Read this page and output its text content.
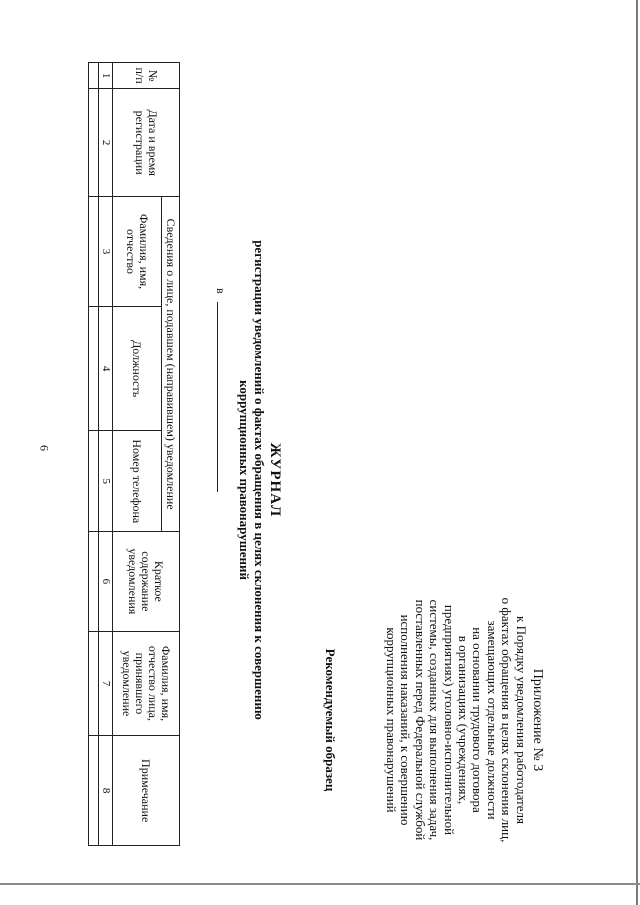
6
Приложение № 3
к Порядку уведомления работодателя
о фактах обращения в целях склонения лиц,
замещающих отдельные должности
на основании трудового договора
в организациях (учреждениях,
предприятиях) уголовно-исполнительной
системы, созданных для выполнения задач,
поставленных перед Федеральной службой
исполнения наказаний, к совершению
коррупционных правонарушений
Рекомендуемый образец
ЖУРНАЛ
регистрации уведомлений о фактах обращения в целях склонения к совершению
коррупционных правонарушений
в
№ п/п	Дата и время регистрации	Сведения о лице, подавшем (направившем) уведомление			Краткое содержание уведомления	Фамилия, имя, отчество лица, принявшего уведомление	Примечание
		Фамилия, имя, отчество	Должность	Номер телефона			
1	2	3	4	5	6	7	8
